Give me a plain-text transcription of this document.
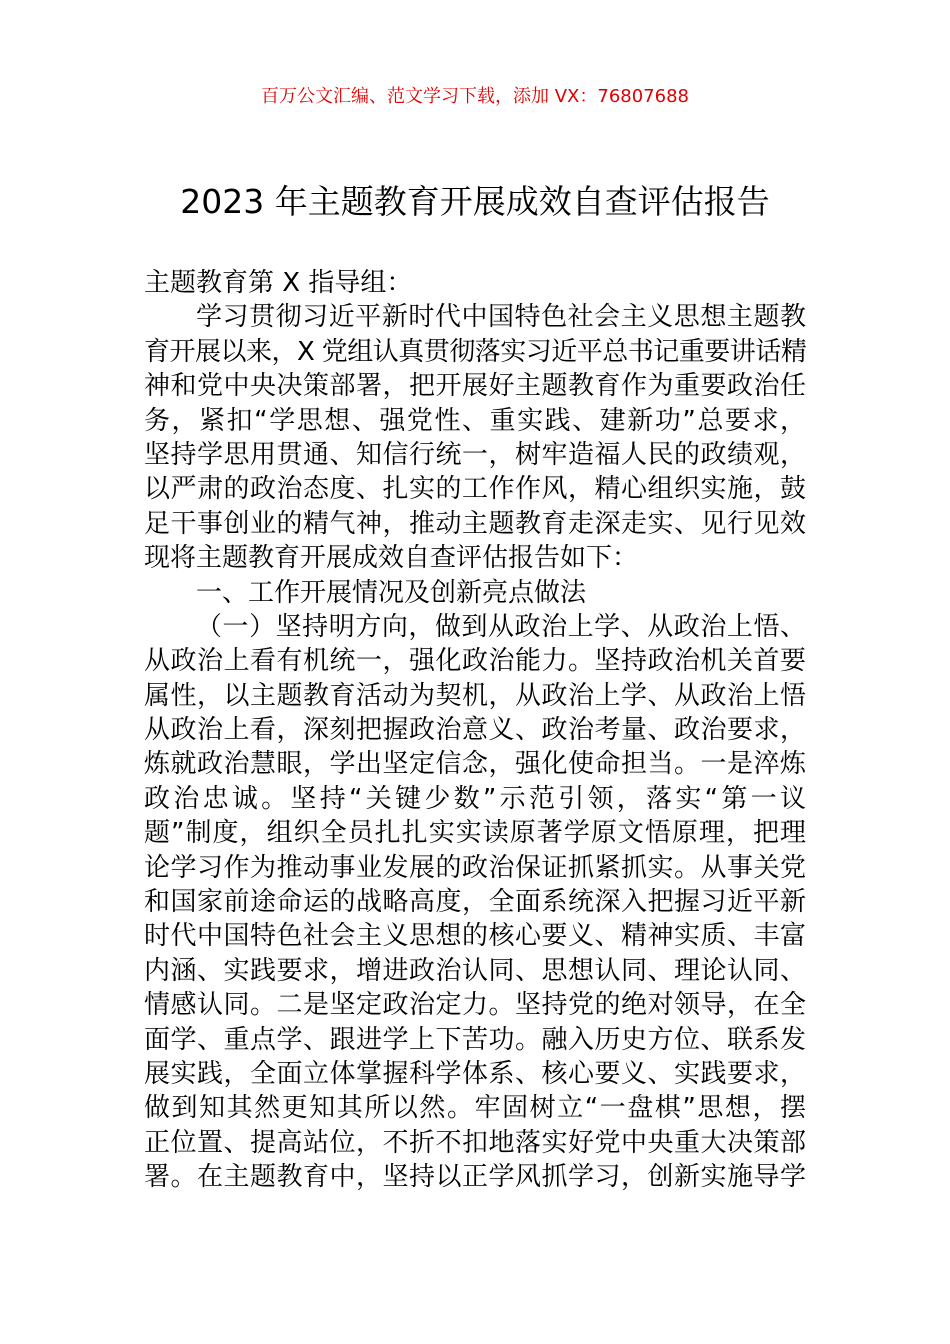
百万公文汇编、范文学习下载，添加 VX：76807688
2023 年主题教育开展成效自查评估报告
主题教育第 X 指导组：
学习贯彻习近平新时代中国特色社会主义思想主题教
育开展以来，X 党组认真贯彻落实习近平总书记重要讲话精
神和党中央决策部署，把开展好主题教育作为重要政治任
务，紧扣“学思想、强党性、重实践、建新功”总要求，
坚持学思用贯通、知信行统一，树牢造福人民的政绩观，
以严肃的政治态度、扎实的工作作风，精心组织实施，鼓
足干事创业的精气神，推动主题教育走深走实、见行见效
现将主题教育开展成效自查评估报告如下：
一、工作开展情况及创新亮点做法
（一）坚持明方向，做到从政治上学、从政治上悟、
从政治上看有机统一，强化政治能力。坚持政治机关首要
属性，以主题教育活动为契机，从政治上学、从政治上悟
从政治上看，深刻把握政治意义、政治考量、政治要求，
炼就政治慧眼，学出坚定信念，强化使命担当。一是淬炼
政治忠诚。坚持“关键少数”示范引领，落实“第一议
题”制度，组织全员扎扎实实读原著学原文悟原理，把理
论学习作为推动事业发展的政治保证抓紧抓实。从事关党
和国家前途命运的战略高度，全面系统深入把握习近平新
时代中国特色社会主义思想的核心要义、精神实质、丰富
内涵、实践要求，增进政治认同、思想认同、理论认同、
情感认同。二是坚定政治定力。坚持党的绝对领导，在全
面学、重点学、跟进学上下苦功。融入历史方位、联系发
展实践，全面立体掌握科学体系、核心要义、实践要求，
做到知其然更知其所以然。牢固树立“一盘棋”思想，摆
正位置、提高站位，不折不扣地落实好党中央重大决策部
署。在主题教育中，坚持以正学风抓学习，创新实施导学
